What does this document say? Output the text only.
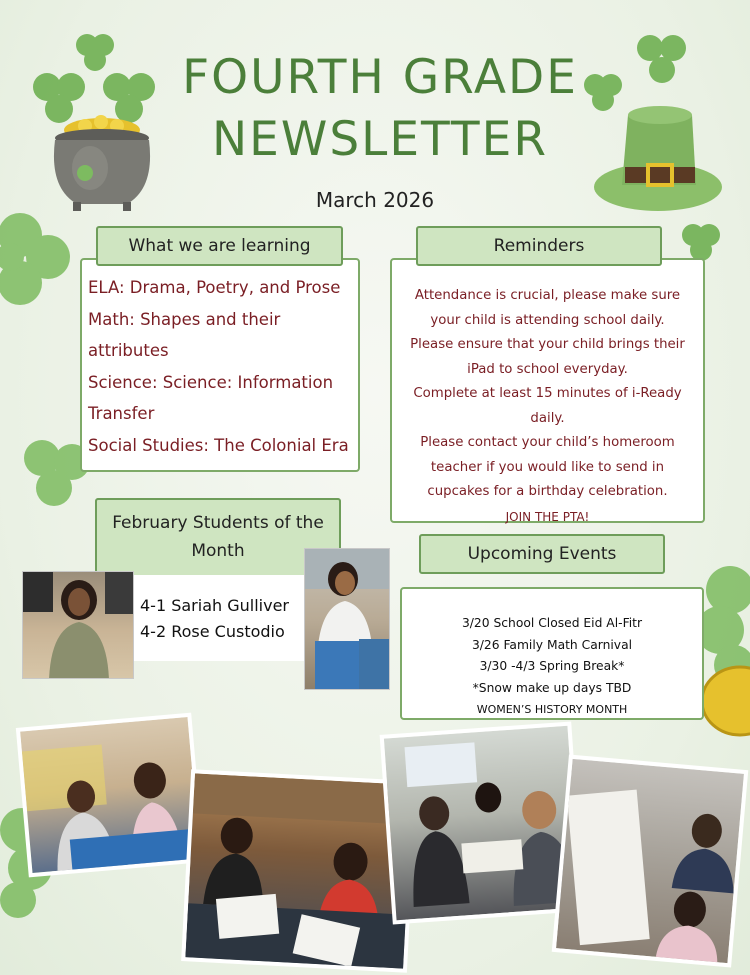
FOURTH GRADE
NEWSLETTER
March 2026
ELA: Drama, Poetry, and Prose
Math: Shapes and their
attributes
Science: Science: Information
Transfer
Social Studies: The Colonial Era
What we are learning
Attendance is crucial, please make sure
your child is attending school daily.
Please ensure that your child brings their
iPad to school everyday.
Complete at least 15 minutes of i-Ready
daily.
Please contact your child’s homeroom
teacher if you would like to send in
cupcakes for a birthday celebration.
JOIN THE PTA!
Reminders
February Students of the
Month
4-1 Sariah Gulliver
4-2 Rose Custodio	3/20 School Closed Eid Al-Fitr
3/26 Family Math Carnival
3/30 -4/3 Spring Break*
*Snow make up days TBD
WOMEN’S HISTORY MONTH
Upcoming Events
